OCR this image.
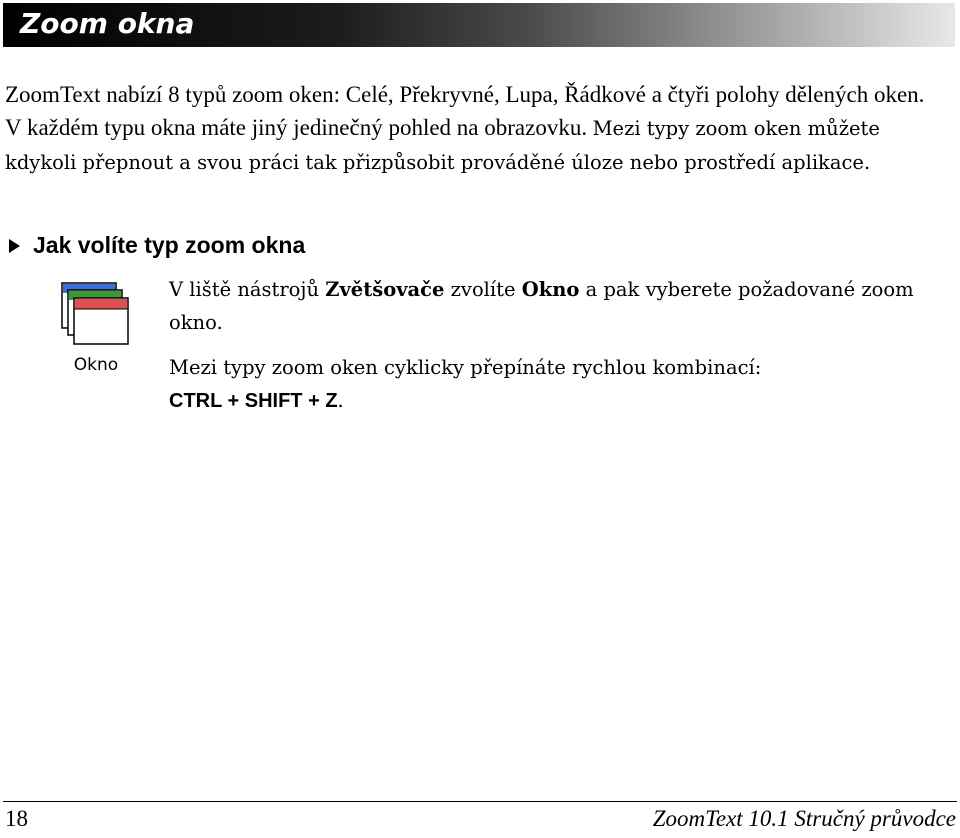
Zoom okna
ZoomText nabízí 8 typů zoom oken: Celé, Překryvné, Lupa, Řádkové a čtyři polohy dělených oken. V každém typu okna máte jiný jedinečný pohled na obrazovku. Mezi typy zoom oken můžete kdykoli přepnout a svou práci tak přizpůsobit prováděné úloze nebo prostředí aplikace.
Jak volíte typ zoom okna
Okno

V liště nástrojů Zvětšovače zvolíte Okno a pak vyberete požadované zoom okno.

Mezi typy zoom oken cyklicky přepínáte rychlou kombinací:
CTRL + SHIFT + Z.

18	ZoomText 10.1 Stručný průvodce
